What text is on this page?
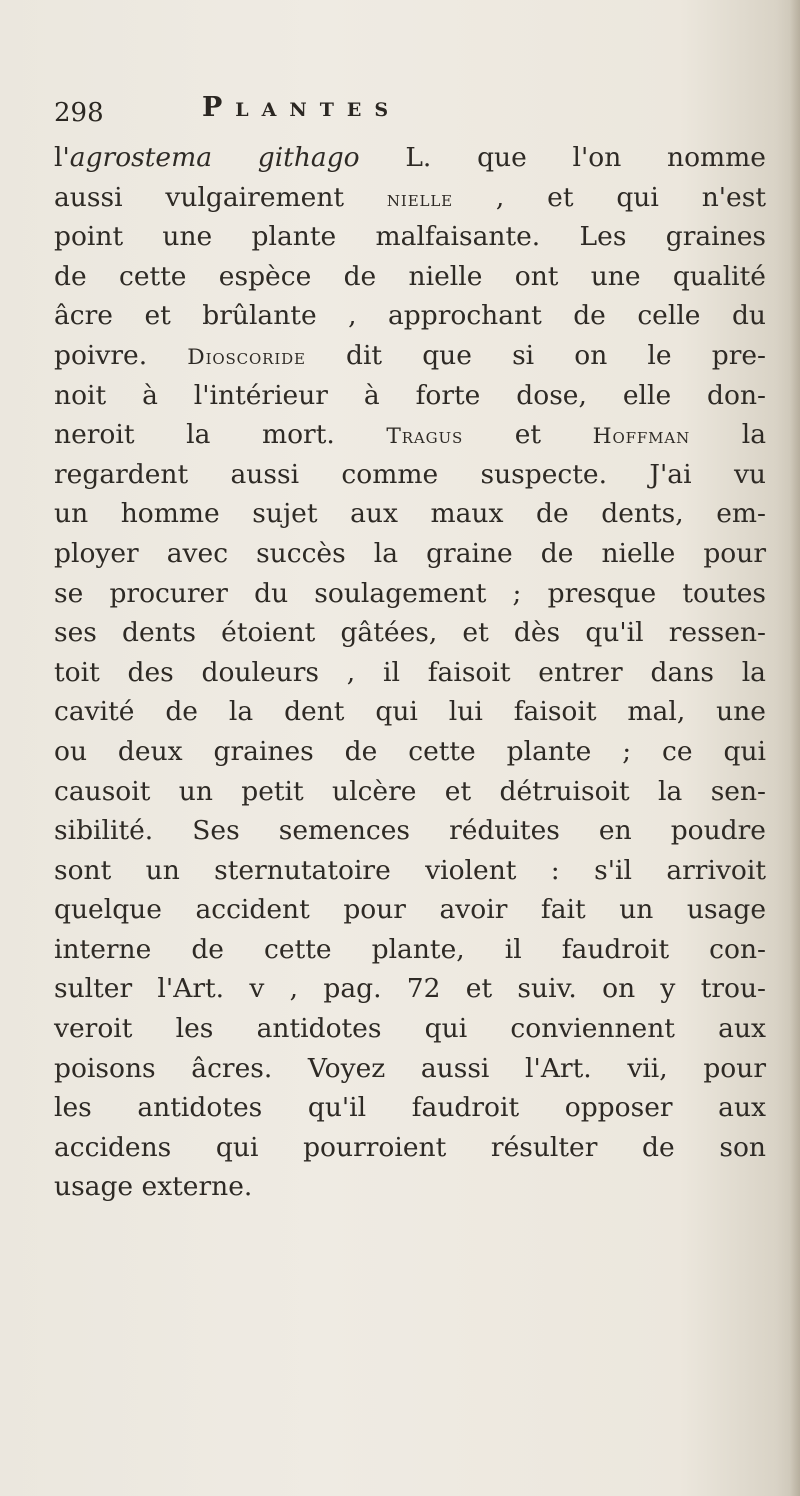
298	Plantes
l'agrostema githago L. que l'on nomme
aussi vulgairement nielle , et qui n'est
point une plante malfaisante. Les graines
de cette espèce de nielle ont une qualité
âcre et brûlante , approchant de celle du
poivre. Dioscoride dit que si on le pre-
noit à l'intérieur à forte dose, elle don-
neroit la mort. Tragus et Hoffman la
regardent aussi comme suspecte. J'ai vu
un homme sujet aux maux de dents, em-
ployer avec succès la graine de nielle pour
se procurer du soulagement ; presque toutes
ses dents étoient gâtées, et dès qu'il ressen-
toit des douleurs , il faisoit entrer dans la
cavité de la dent qui lui faisoit mal, une
ou deux graines de cette plante ; ce qui
causoit un petit ulcère et détruisoit la sen-
sibilité. Ses semences réduites en poudre
sont un sternutatoire violent : s'il arrivoit
quelque accident pour avoir fait un usage
interne de cette plante, il faudroit con-
sulter l'Art. v , pag. 72 et suiv. on y trou-
veroit les antidotes qui conviennent aux
poisons âcres. Voyez aussi l'Art. vii, pour
les antidotes qu'il faudroit opposer aux
accidens qui pourroient résulter de son
usage externe.
